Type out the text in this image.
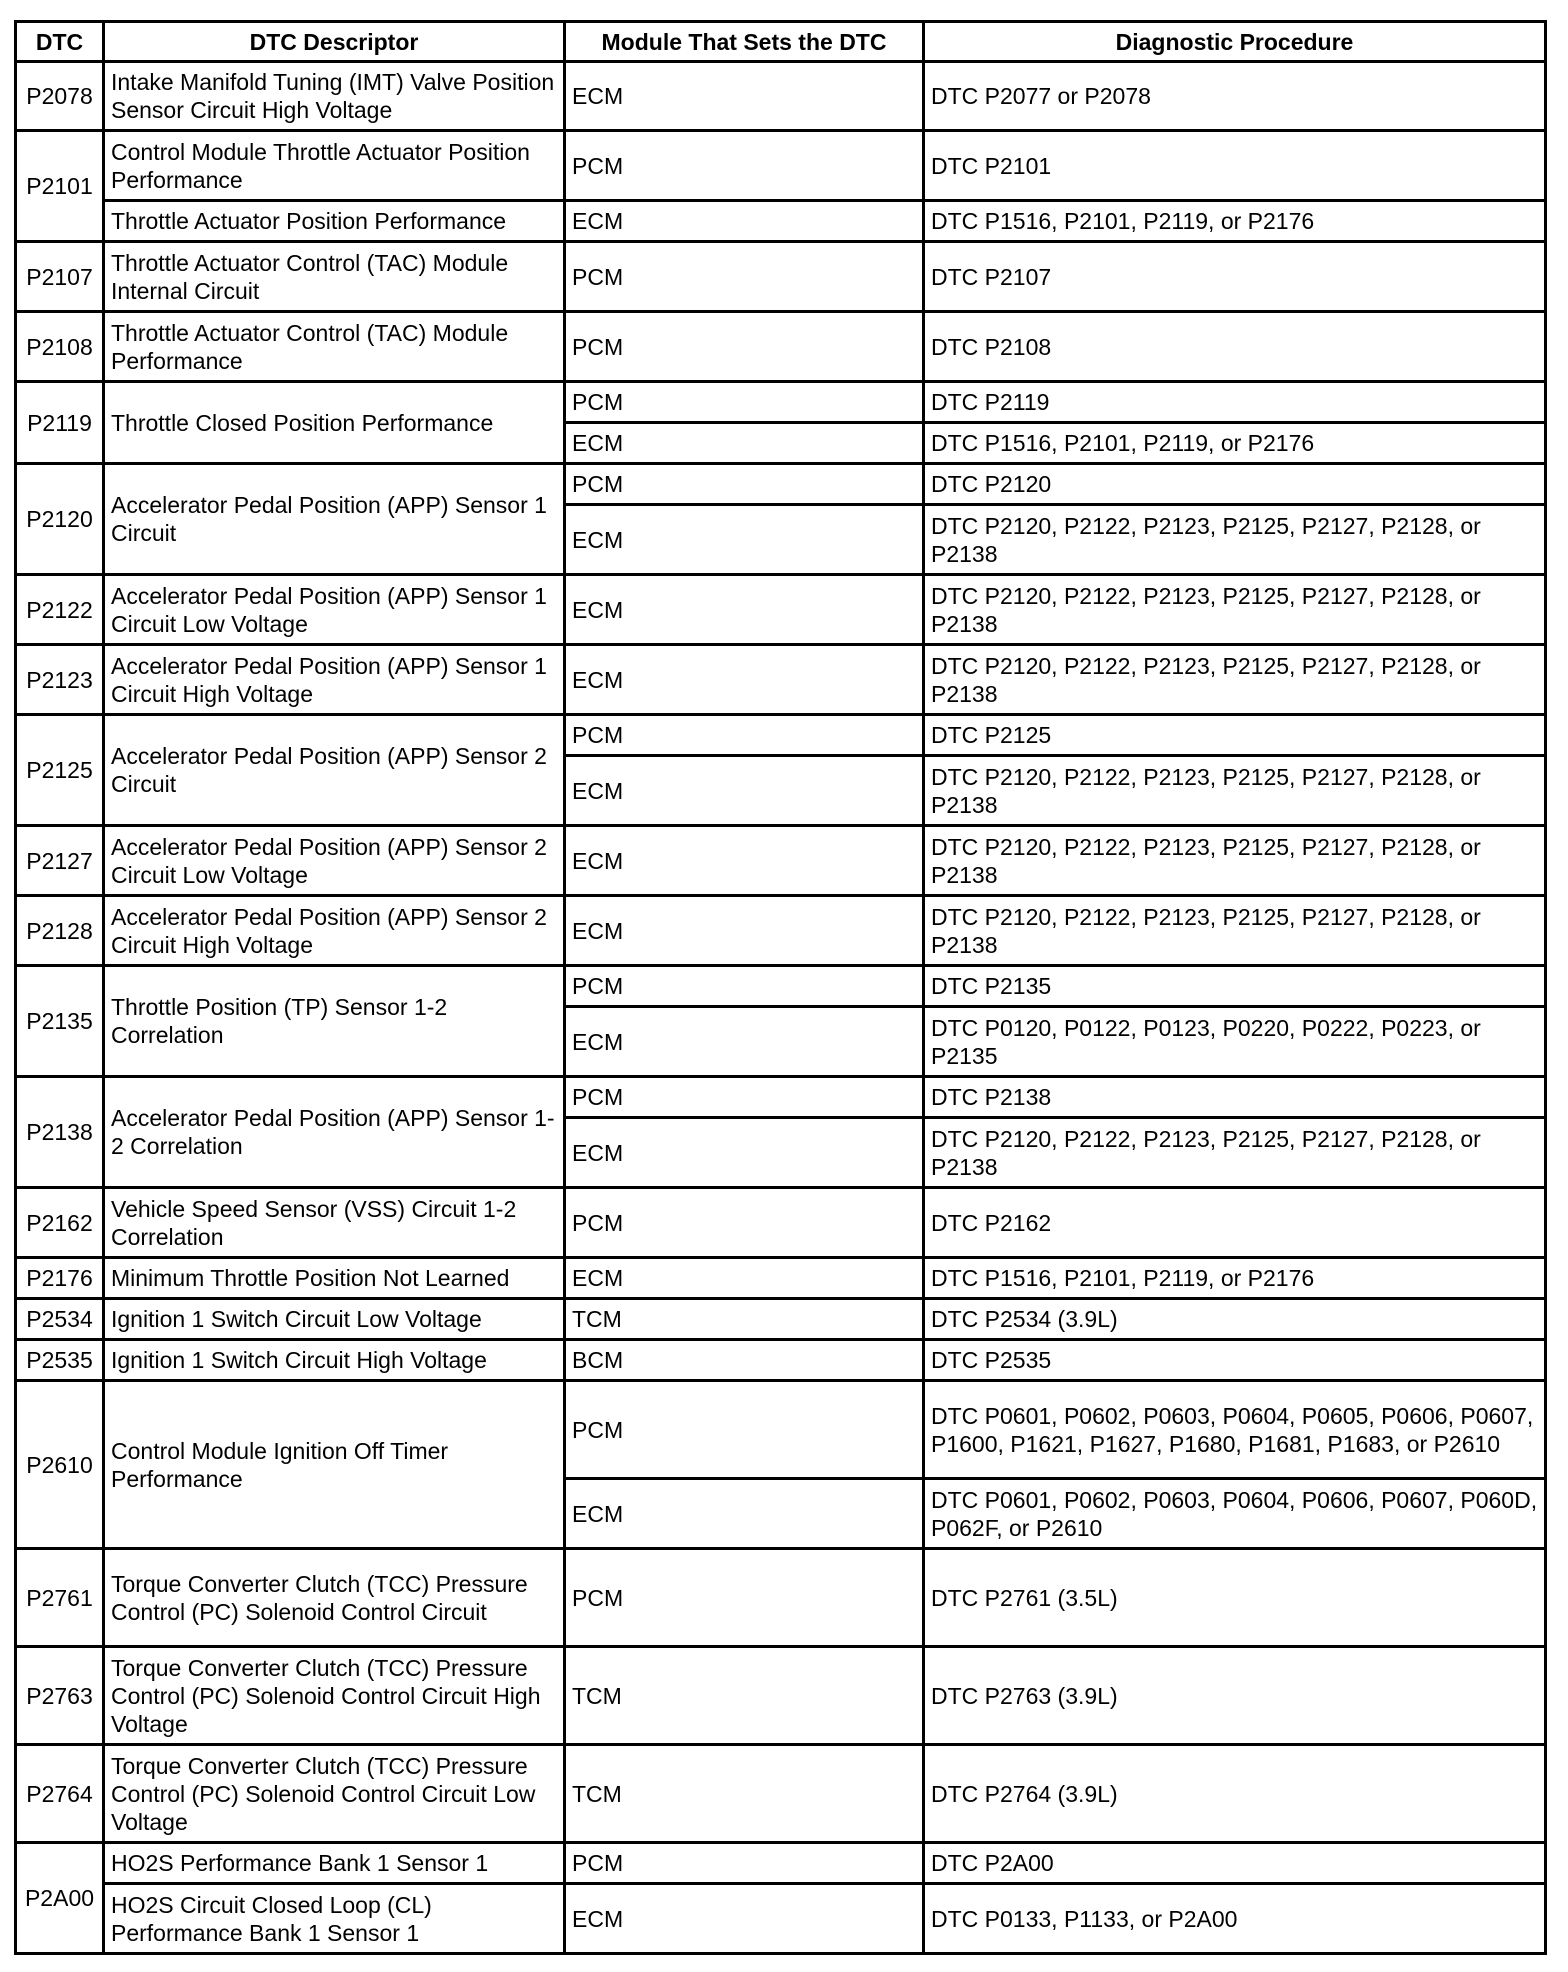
DTC	DTC Descriptor	Module That Sets the DTC	Diagnostic Procedure
P2078	Intake Manifold Tuning (IMT) Valve Position Sensor Circuit High Voltage	ECM	DTC P2077 or P2078
P2101	Control Module Throttle Actuator Position Performance	PCM	DTC P2101
	Throttle Actuator Position Performance	ECM	DTC P1516, P2101, P2119, or P2176
P2107	Throttle Actuator Control (TAC) Module Internal Circuit	PCM	DTC P2107
P2108	Throttle Actuator Control (TAC) Module Performance	PCM	DTC P2108
P2119	Throttle Closed Position Performance	PCM	DTC P2119
		ECM	DTC P1516, P2101, P2119, or P2176
P2120	Accelerator Pedal Position (APP) Sensor 1 Circuit	PCM	DTC P2120
		ECM	DTC P2120, P2122, P2123, P2125, P2127, P2128, or P2138
P2122	Accelerator Pedal Position (APP) Sensor 1 Circuit Low Voltage	ECM	DTC P2120, P2122, P2123, P2125, P2127, P2128, or P2138
P2123	Accelerator Pedal Position (APP) Sensor 1 Circuit High Voltage	ECM	DTC P2120, P2122, P2123, P2125, P2127, P2128, or P2138
P2125	Accelerator Pedal Position (APP) Sensor 2 Circuit	PCM	DTC P2125
		ECM	DTC P2120, P2122, P2123, P2125, P2127, P2128, or P2138
P2127	Accelerator Pedal Position (APP) Sensor 2 Circuit Low Voltage	ECM	DTC P2120, P2122, P2123, P2125, P2127, P2128, or P2138
P2128	Accelerator Pedal Position (APP) Sensor 2 Circuit High Voltage	ECM	DTC P2120, P2122, P2123, P2125, P2127, P2128, or P2138
P2135	Throttle Position (TP) Sensor 1-2 Correlation	PCM	DTC P2135
		ECM	DTC P0120, P0122, P0123, P0220, P0222, P0223, or P2135
P2138	Accelerator Pedal Position (APP) Sensor 1-2 Correlation	PCM	DTC P2138
		ECM	DTC P2120, P2122, P2123, P2125, P2127, P2128, or P2138
P2162	Vehicle Speed Sensor (VSS) Circuit 1-2 Correlation	PCM	DTC P2162
P2176	Minimum Throttle Position Not Learned	ECM	DTC P1516, P2101, P2119, or P2176
P2534	Ignition 1 Switch Circuit Low Voltage	TCM	DTC P2534 (3.9L)
P2535	Ignition 1 Switch Circuit High Voltage	BCM	DTC P2535
P2610	Control Module Ignition Off Timer Performance	PCM	DTC P0601, P0602, P0603, P0604, P0605, P0606, P0607, P1600, P1621, P1627, P1680, P1681, P1683, or P2610
		ECM	DTC P0601, P0602, P0603, P0604, P0606, P0607, P060D, P062F, or P2610
P2761	Torque Converter Clutch (TCC) Pressure Control (PC) Solenoid Control Circuit	PCM	DTC P2761 (3.5L)
P2763	Torque Converter Clutch (TCC) Pressure Control (PC) Solenoid Control Circuit High Voltage	TCM	DTC P2763 (3.9L)
P2764	Torque Converter Clutch (TCC) Pressure Control (PC) Solenoid Control Circuit Low Voltage	TCM	DTC P2764 (3.9L)
P2A00	HO2S Performance Bank 1 Sensor 1	PCM	DTC P2A00
	HO2S Circuit Closed Loop (CL) Performance Bank 1 Sensor 1	ECM	DTC P0133, P1133, or P2A00
